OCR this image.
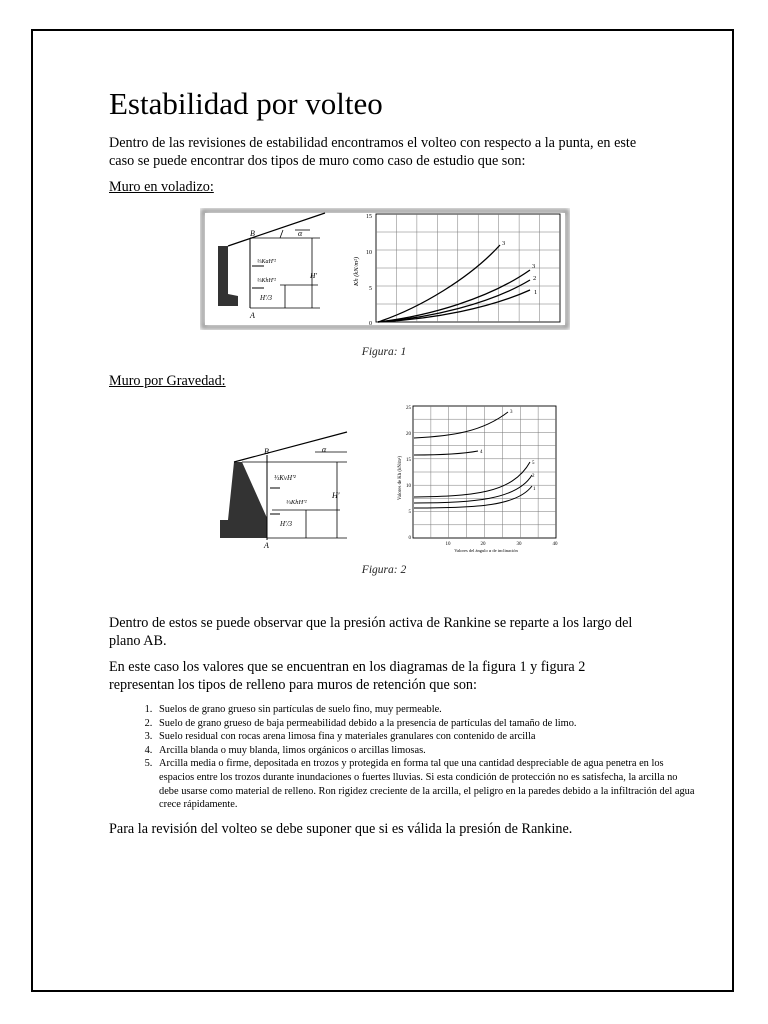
Estabilidad por volteo

Dentro de las revisiones de estabilidad encontramos el volteo con respecto a la punta, en este caso se puede encontrar dos tipos de muro como caso de estudio que son:

Muro en voladizo:

B
A
α
H′
H′/3
⅓KaH′²
⅓KhH′²
15
10
5
0
Kh (kN/m²)
3
3
2
1
Figura: 1

Muro por Gravedad:

B
A
α
H′
H′/3
⅓KvH′²
⅓KhH′²
25
20
15
10
5
0
10	20	30	40
Valores del ángulo α de inclinación
Valores de Kh (kN/m²)
3
4
5
2
1
Figura: 2

Dentro de estos se puede observar que la presión activa de Rankine se reparte a los largo del plano AB.

En este caso los valores que se encuentran en los diagramas de la figura 1 y figura 2 representan los tipos de relleno para muros de retención que son:

1. Suelos de grano grueso sin partículas de suelo fino, muy permeable.
2. Suelo de grano grueso de baja permeabilidad debido a la presencia de partículas del tamaño de limo.
3. Suelo residual con rocas arena limosa fina y materiales granulares con contenido de arcilla
4. Arcilla blanda o muy blanda, limos orgánicos o arcillas limosas.
5. Arcilla media o firme, depositada en trozos y protegida en forma tal que una cantidad despreciable de agua penetra en los espacios entre los trozos durante inundaciones o fuertes lluvias. Si esta condición de protección no es satisfecha, la arcilla no debe usarse como material de relleno. Ron rigidez creciente de la arcilla, el peligro en la paredes debido a la infiltración del agua crece rápidamente.

Para la revisión del volteo se debe suponer que si es válida la presión de Rankine.
